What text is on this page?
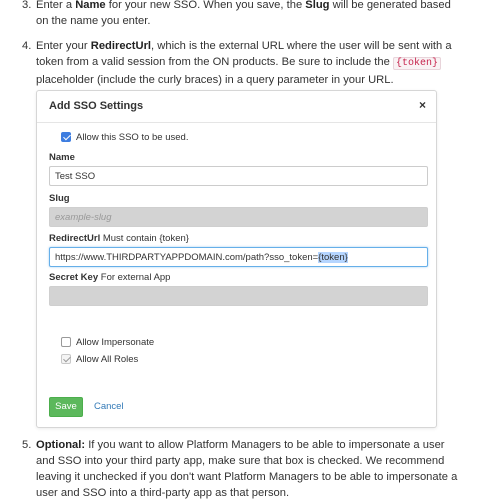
3. Enter a Name for your new SSO. When you save, the Slug will be generated based on the name you enter.
4. Enter your RedirectUrl, which is the external URL where the user will be sent with a token from a valid session from the ON products. Be sure to include the {token} placeholder (include the curly braces) in a query parameter in your URL.
Add SSO Settings	×
Allow this SSO to be used.
Name
Test SSO
Slug
example-slug
RedirectUrl Must contain {token}
https://www.THIRDPARTYAPPDOMAIN.com/path?sso_token={token}
Secret Key For external App
Allow Impersonate
Allow All Roles
Save	Cancel
5. Optional: If you want to allow Platform Managers to be able to impersonate a user and SSO into your third party app, make sure that box is checked. We recommend leaving it unchecked if you don't want Platform Managers to be able to impersonate a user and SSO into a third-party app as that person.
